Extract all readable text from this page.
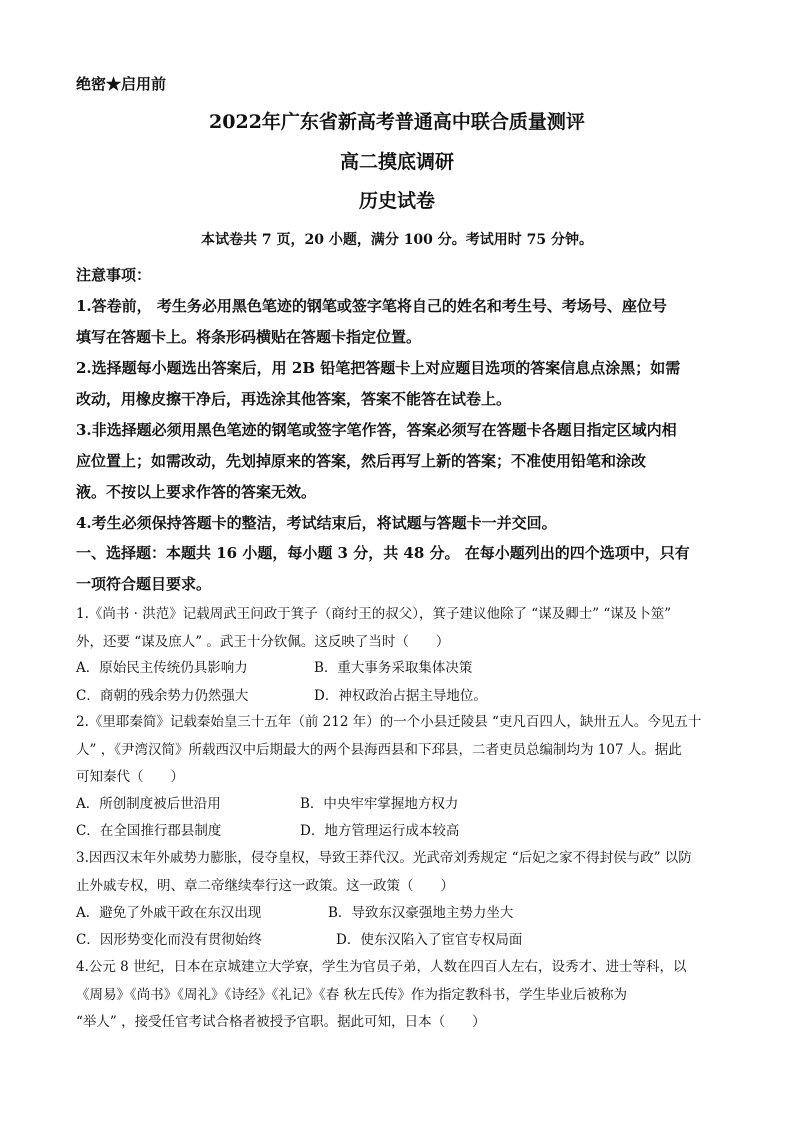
绝密★启用前
2022年广东省新高考普通高中联合质量测评
高二摸底调研
历史试卷
本试卷共 7 页，20 小题，满分 100 分。考试用时 75 分钟。
注意事项：
1.答卷前， 考生务必用黑色笔迹的钢笔或签字笔将自己的姓名和考生号、考场号、座位号
填写在答题卡上。将条形码横贴在答题卡指定位置。
2.选择题每小题选出答案后，用 2B 铅笔把答题卡上对应题目选项的答案信息点涂黑；如需
改动，用橡皮擦干净后，再选涂其他答案，答案不能答在试卷上。
3.非选择题必须用黑色笔迹的钢笔或签字笔作答，答案必须写在答题卡各题目指定区域内相
应位置上；如需改动，先划掉原来的答案，然后再写上新的答案；不准使用铅笔和涂改
液。不按以上要求作答的答案无效。
4.考生必须保持答题卡的整洁，考试结束后，将试题与答题卡一并交回。
一、选择题：本题共 16 小题，每小题 3 分，共 48 分。 在每小题列出的四个选项中，只有
一项符合题目要求。
1.《尚书 · 洪范》记载周武王问政于箕子（商纣王的叔父），箕子建议他除了 “谋及卿士” “谋及卜筮”
外，还要 “谋及庶人” 。武王十分钦佩。这反映了当时（　　）
A．原始民主传统仍具影响力	B．重大事务采取集体决策
C．商朝的残余势力仍然强大	D．神权政治占据主导地位。
2.《里耶秦简》记载秦始皇三十五年（前 212 年）的一个小县迁陵县 “吏凡百四人，缺卅五人。今见五十
人” ，《尹湾汉简》所载西汉中后期最大的两个县海西县和下邳县，二者吏员总编制均为 107 人。据此
可知秦代（　　）
A．所创制度被后世沿用	B．中央牢牢掌握地方权力
C．在全国推行郡县制度	D．地方管理运行成本较高
3.因西汉末年外戚势力膨胀，侵夺皇权，导致王莽代汉。光武帝刘秀规定 “后妃之家不得封侯与政” 以防
止外戚专权，明、章二帝继续奉行这一政策。这一政策（　　）
A．避免了外戚干政在东汉出现	B．导致东汉豪强地主势力坐大
C．因形势变化而没有贯彻始终	D．使东汉陷入了宦官专权局面
4.公元 8 世纪，日本在京城建立大学寮，学生为官员子弟，人数在四百人左右，设秀才、进士等科，以
《周易》《尚书》《周礼》《诗经》《礼记》《春 秋左氏传》作为指定教科书，学生毕业后被称为
“举人” ，接受任官考试合格者被授予官职。据此可知，日本（　　）
